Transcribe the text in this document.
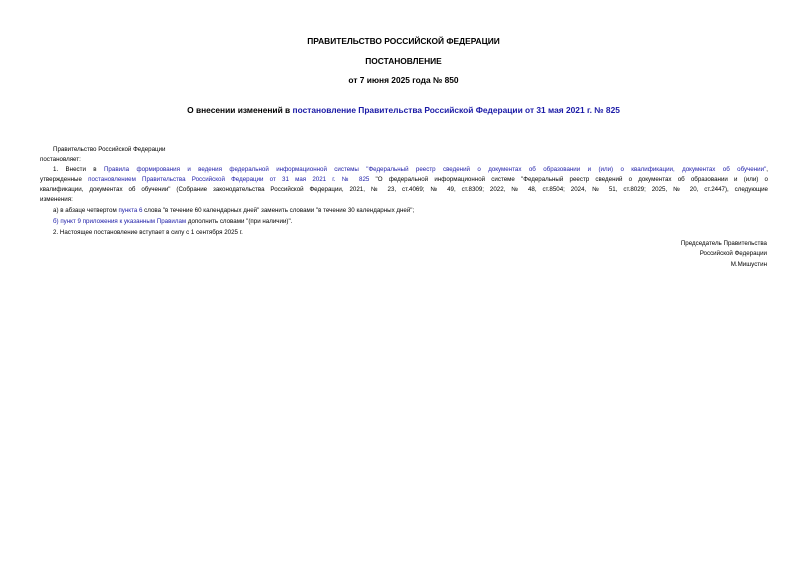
ПРАВИТЕЛЬСТВО РОССИЙСКОЙ ФЕДЕРАЦИИ
ПОСТАНОВЛЕНИЕ
от 7 июня 2025 года № 850
О внесении изменений в постановление Правительства Российской Федерации от 31 мая 2021 г. № 825
Правительство Российской Федерации
постановляет:
1. Внести в Правила формирования и ведения федеральной информационной системы "Федеральный реестр сведений о документах об образовании и (или) о квалификации, документах об обучении",
утвержденные постановлением Правительства Российской Федерации от 31 мая 2021 г. № 825 "О федеральной информационной системе "Федеральный реестр сведений о документах об образовании и (или) о
квалификации, документах об обучении" (Собрание законодательства Российской Федерации, 2021, № 23, ст.4069; № 49, ст.8309; 2022, № 48, ст.8504; 2024, № 51, ст.8029; 2025, № 20, ст.2447), следующие
изменения:
а) в абзаце четвертом пункта 6 слова "в течение 60 календарных дней" заменить словами "в течение 30 календарных дней";
б) пункт 9 приложения к указанным Правилам дополнить словами "(при наличии)".
2. Настоящее постановление вступает в силу с 1 сентября 2025 г.
Председатель Правительства
Российской Федерации
М.Мишустин
